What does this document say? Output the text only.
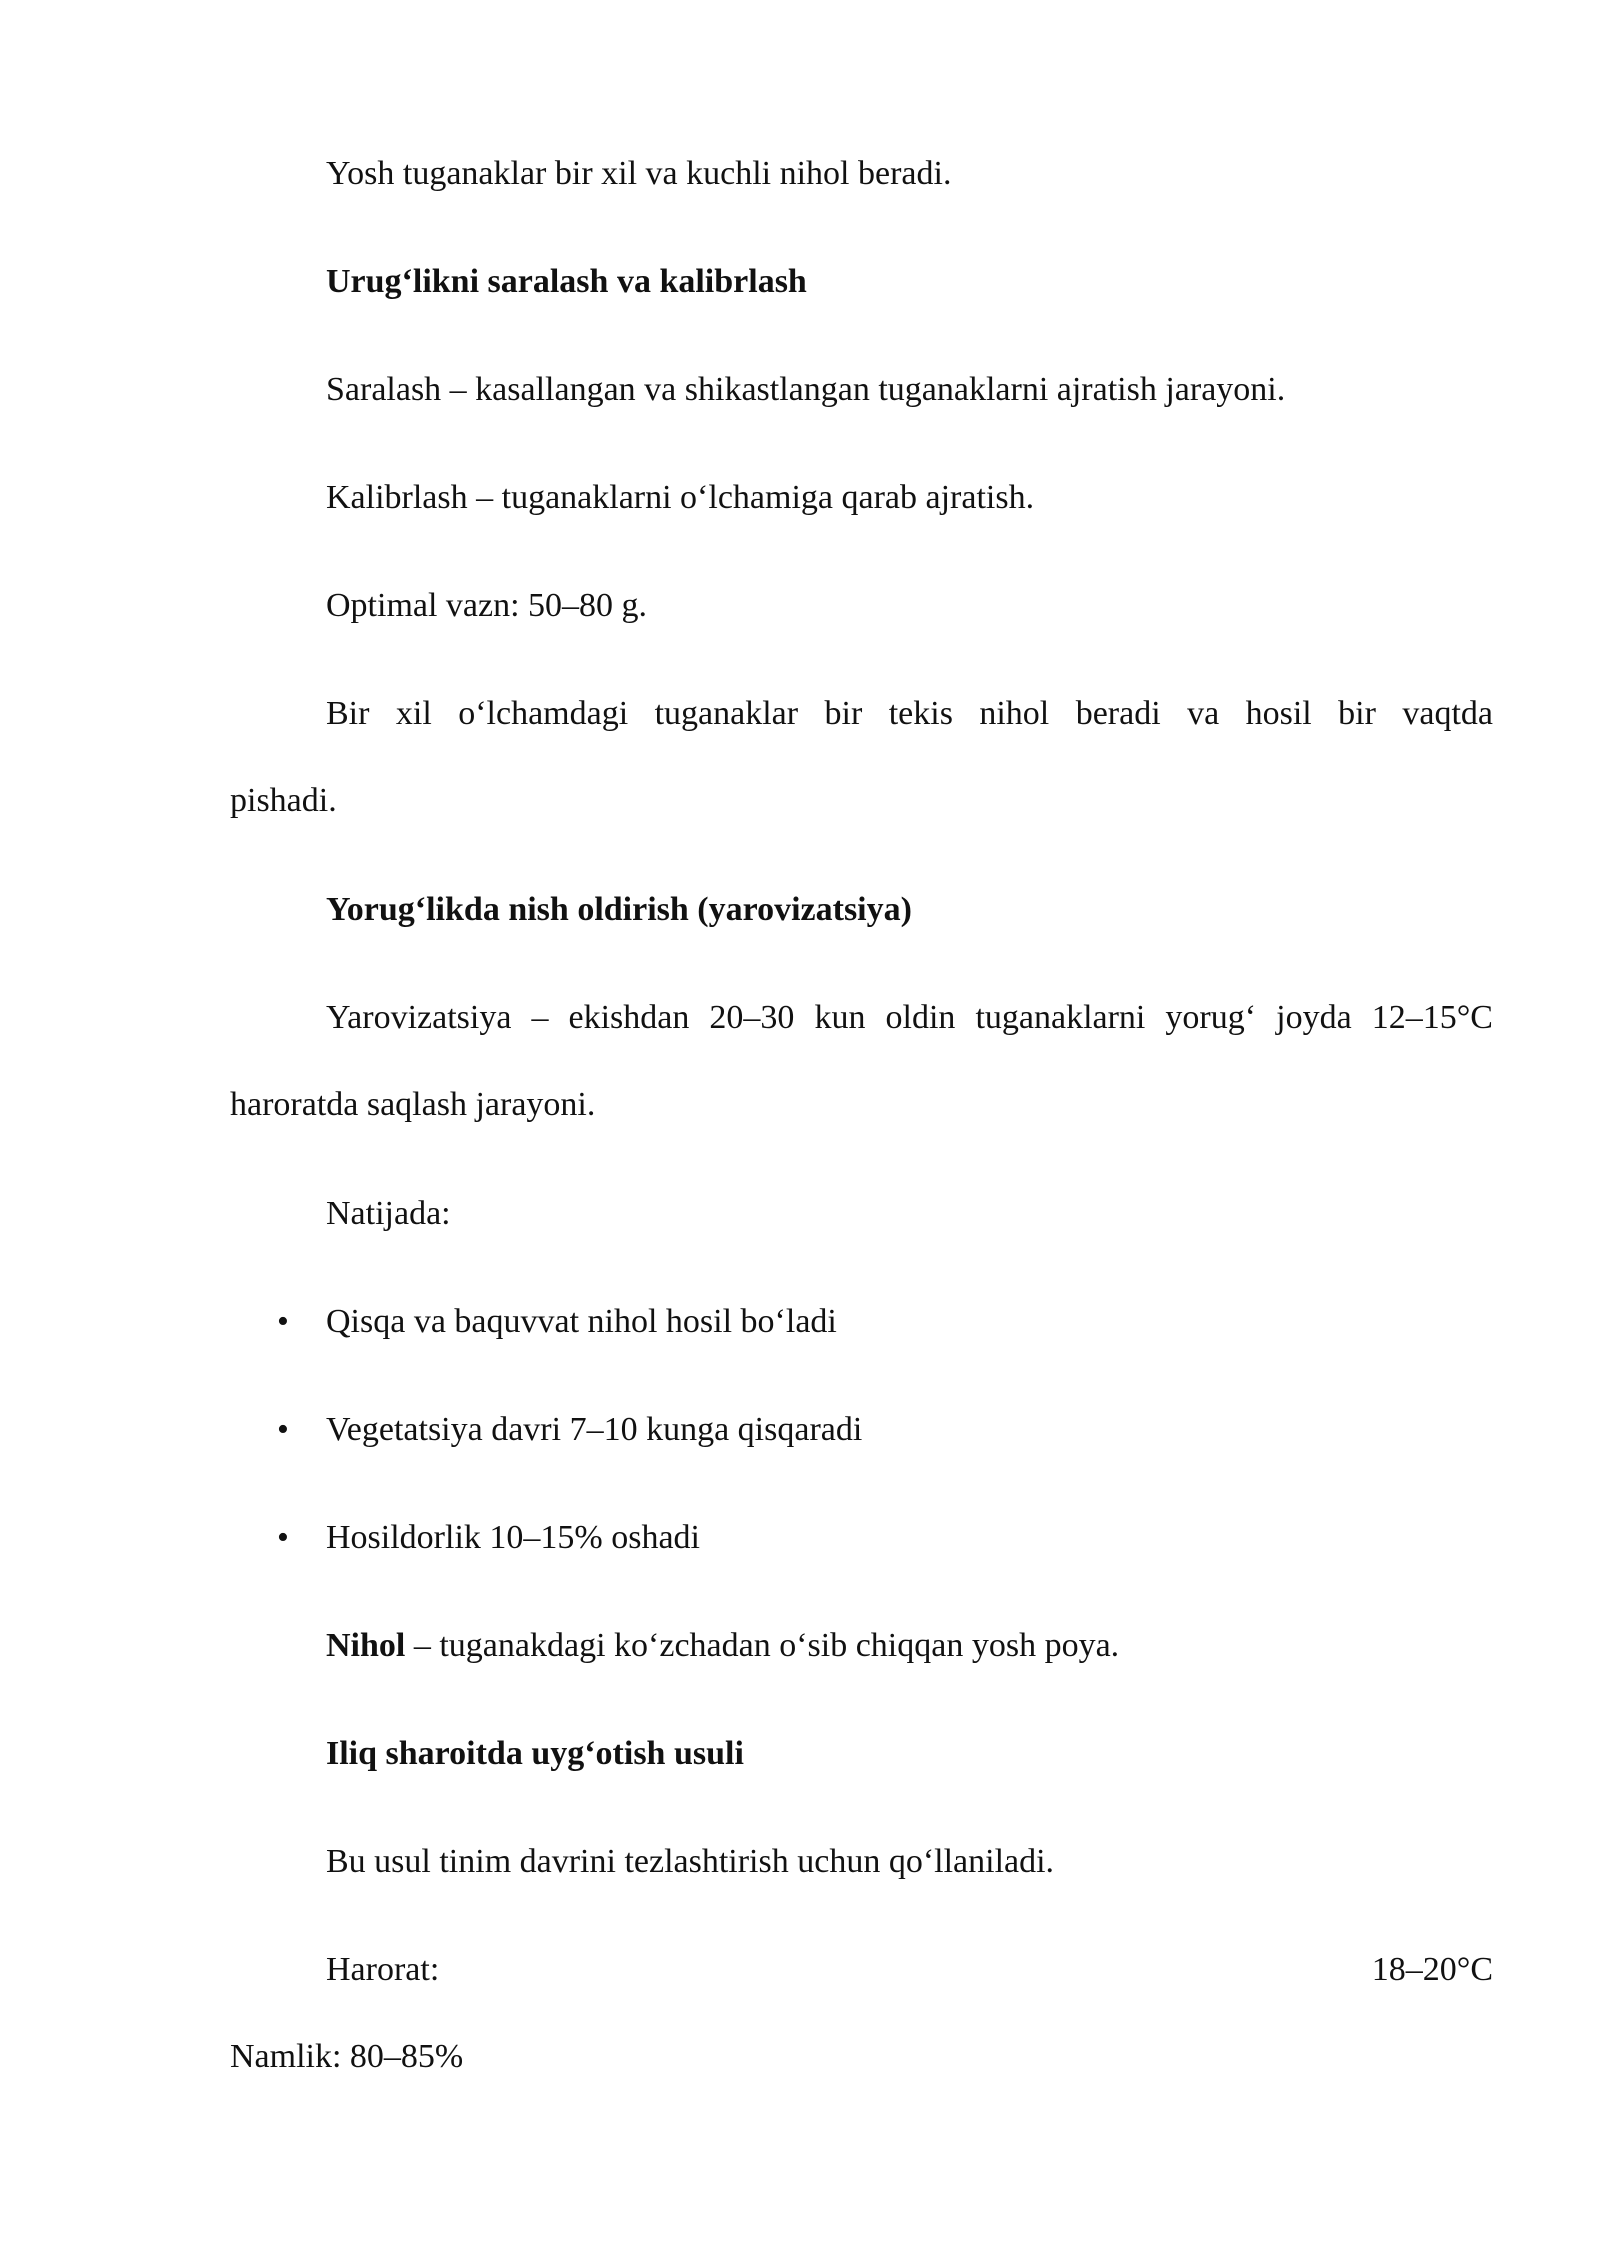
Yosh tuganaklar bir xil va kuchli nihol beradi.
Urug‘likni saralash va kalibrlash
Saralash – kasallangan va shikastlangan tuganaklarni ajratish jarayoni.
Kalibrlash – tuganaklarni o‘lchamiga qarab ajratish.
Optimal vazn: 50–80 g.
Bir xil o‘lchamdagi tuganaklar bir tekis nihol beradi va hosil bir vaqtda
pishadi.
Yorug‘likda nish oldirish (yarovizatsiya)
Yarovizatsiya – ekishdan 20–30 kun oldin tuganaklarni yorug‘ joyda 12–15°C
haroratda saqlash jarayoni.
Natijada:
• Qisqa va baquvvat nihol hosil bo‘ladi
• Vegetatsiya davri 7–10 kunga qisqaradi
• Hosildorlik 10–15% oshadi
Nihol – tuganakdagi ko‘zchadan o‘sib chiqqan yosh poya.
Iliq sharoitda uyg‘otish usuli
Bu usul tinim davrini tezlashtirish uchun qo‘llaniladi.
Harorat:	18–20°C
Namlik: 80–85%
